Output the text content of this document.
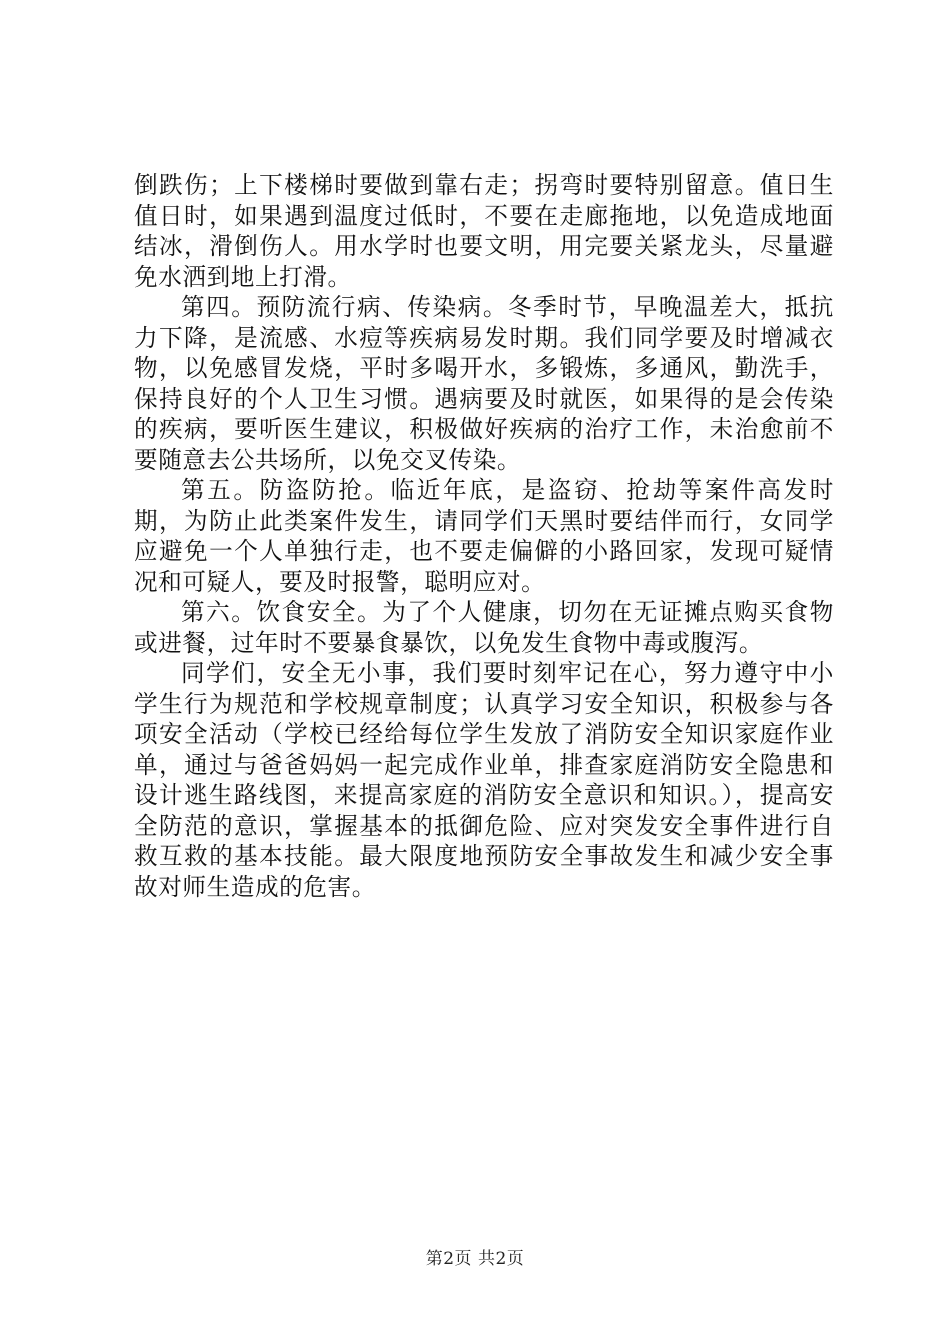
倒跌伤；上下楼梯时要做到靠右走；拐弯时要特别留意。值日生值日时，如果遇到温度过低时，不要在走廊拖地，以免造成地面结冰，滑倒伤人。用水学时也要文明，用完要关紧龙头，尽量避免水洒到地上打滑。

第四。预防流行病、传染病。冬季时节，早晚温差大，抵抗力下降，是流感、水痘等疾病易发时期。我们同学要及时增减衣物，以免感冒发烧，平时多喝开水，多锻炼，多通风，勤洗手，保持良好的个人卫生习惯。遇病要及时就医，如果得的是会传染的疾病，要听医生建议，积极做好疾病的治疗工作，未治愈前不要随意去公共场所，以免交叉传染。

第五。防盗防抢。临近年底，是盗窃、抢劫等案件高发时期，为防止此类案件发生，请同学们天黑时要结伴而行，女同学应避免一个人单独行走，也不要走偏僻的小路回家，发现可疑情况和可疑人，要及时报警，聪明应对。

第六。饮食安全。为了个人健康，切勿在无证摊点购买食物或进餐，过年时不要暴食暴饮，以免发生食物中毒或腹泻。

同学们，安全无小事，我们要时刻牢记在心，努力遵守中小学生行为规范和学校规章制度；认真学习安全知识，积极参与各项安全活动（学校已经给每位学生发放了消防安全知识家庭作业单，通过与爸爸妈妈一起完成作业单，排查家庭消防安全隐患和设计逃生路线图，来提高家庭的消防安全意识和知识。），提高安全防范的意识，掌握基本的抵御危险、应对突发安全事件进行自救互救的基本技能。最大限度地预防安全事故发生和减少安全事故对师生造成的危害。

第2页 共2页
